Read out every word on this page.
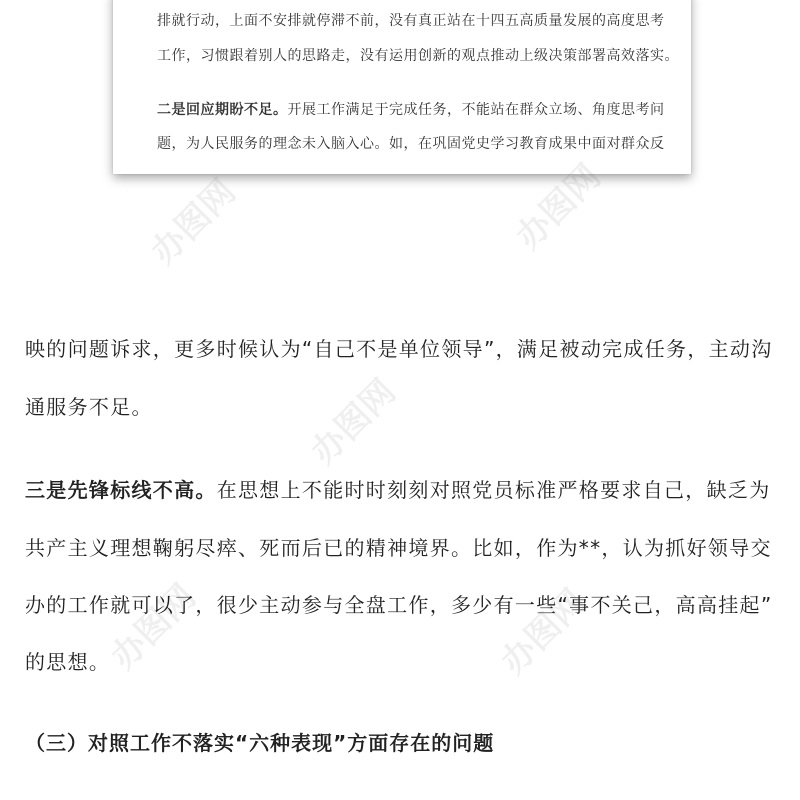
排就行动，上面不安排就停滞不前，没有真正站在十四五高质量发展的高度思考
工作，习惯跟着别人的思路走，没有运用创新的观点推动上级决策部署高效落实。
二是回应期盼不足。开展工作满足于完成任务，不能站在群众立场、角度思考问
题，为人民服务的理念未入脑入心。如，在巩固党史学习教育成果中面对群众反
映的问题诉求，更多时候认为“自己不是单位领导”，满足被动完成任务，主动沟
通服务不足。
三是先锋标线不高。在思想上不能时时刻刻对照党员标准严格要求自己，缺乏为
共产主义理想鞠躬尽瘁、死而后已的精神境界。比如，作为**，认为抓好领导交
办的工作就可以了，很少主动参与全盘工作，多少有一些“事不关己，高高挂起”
的思想。
（三）对照工作不落实“六种表现”方面存在的问题
办图网	办图网
办图网
办图网
办图网
